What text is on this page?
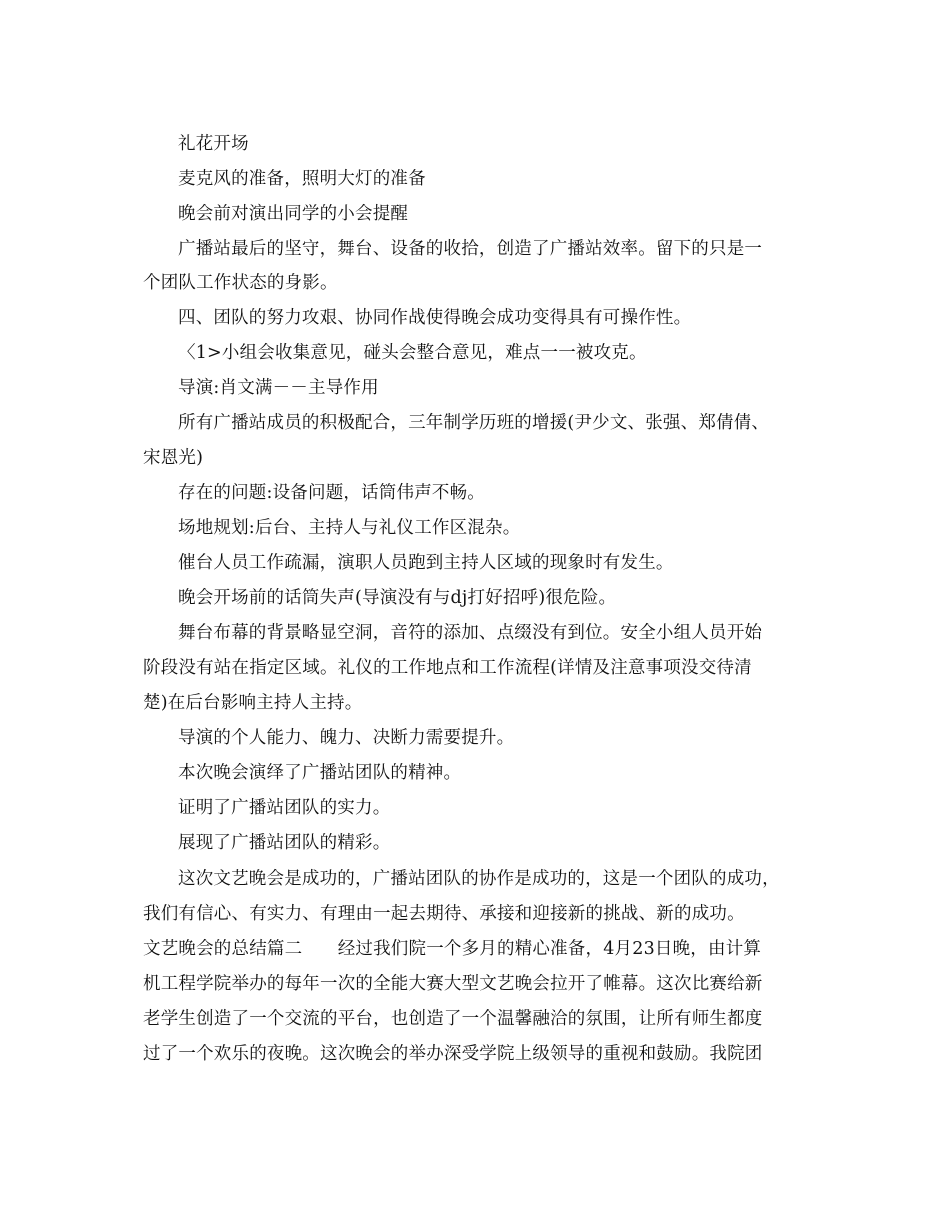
礼花开场
麦克风的准备，照明大灯的准备
晚会前对演出同学的小会提醒
广播站最后的坚守，舞台、设备的收拾，创造了广播站效率。留下的只是一
个团队工作状态的身影。
四、团队的努力攻艰、协同作战使得晚会成功变得具有可操作性。
〈1>小组会收集意见，碰头会整合意见，难点一一被攻克。
导演:肖文满－－主导作用
所有广播站成员的积极配合，三年制学历班的增援(尹少文、张强、郑倩倩、
宋恩光)
存在的问题:设备问题，话筒伟声不畅。
场地规划:后台、主持人与礼仪工作区混杂。
催台人员工作疏漏，演职人员跑到主持人区域的现象时有发生。
晚会开场前的话筒失声(导演没有与dj打好招呼)很危险。
舞台布幕的背景略显空洞，音符的添加、点缀没有到位。安全小组人员开始
阶段没有站在指定区域。礼仪的工作地点和工作流程(详情及注意事项没交待清
楚)在后台影响主持人主持。
导演的个人能力、魄力、决断力需要提升。
本次晚会演绎了广播站团队的精神。
证明了广播站团队的实力。
展现了广播站团队的精彩。
这次文艺晚会是成功的，广播站团队的协作是成功的，这是一个团队的成功，
我们有信心、有实力、有理由一起去期待、承接和迎接新的挑战、新的成功。
文艺晚会的总结篇二　　经过我们院一个多月的精心准备，4月23日晚，由计算
机工程学院举办的每年一次的全能大赛大型文艺晚会拉开了帷幕。这次比赛给新
老学生创造了一个交流的平台，也创造了一个温馨融洽的氛围，让所有师生都度
过了一个欢乐的夜晚。这次晚会的举办深受学院上级领导的重视和鼓励。我院团
